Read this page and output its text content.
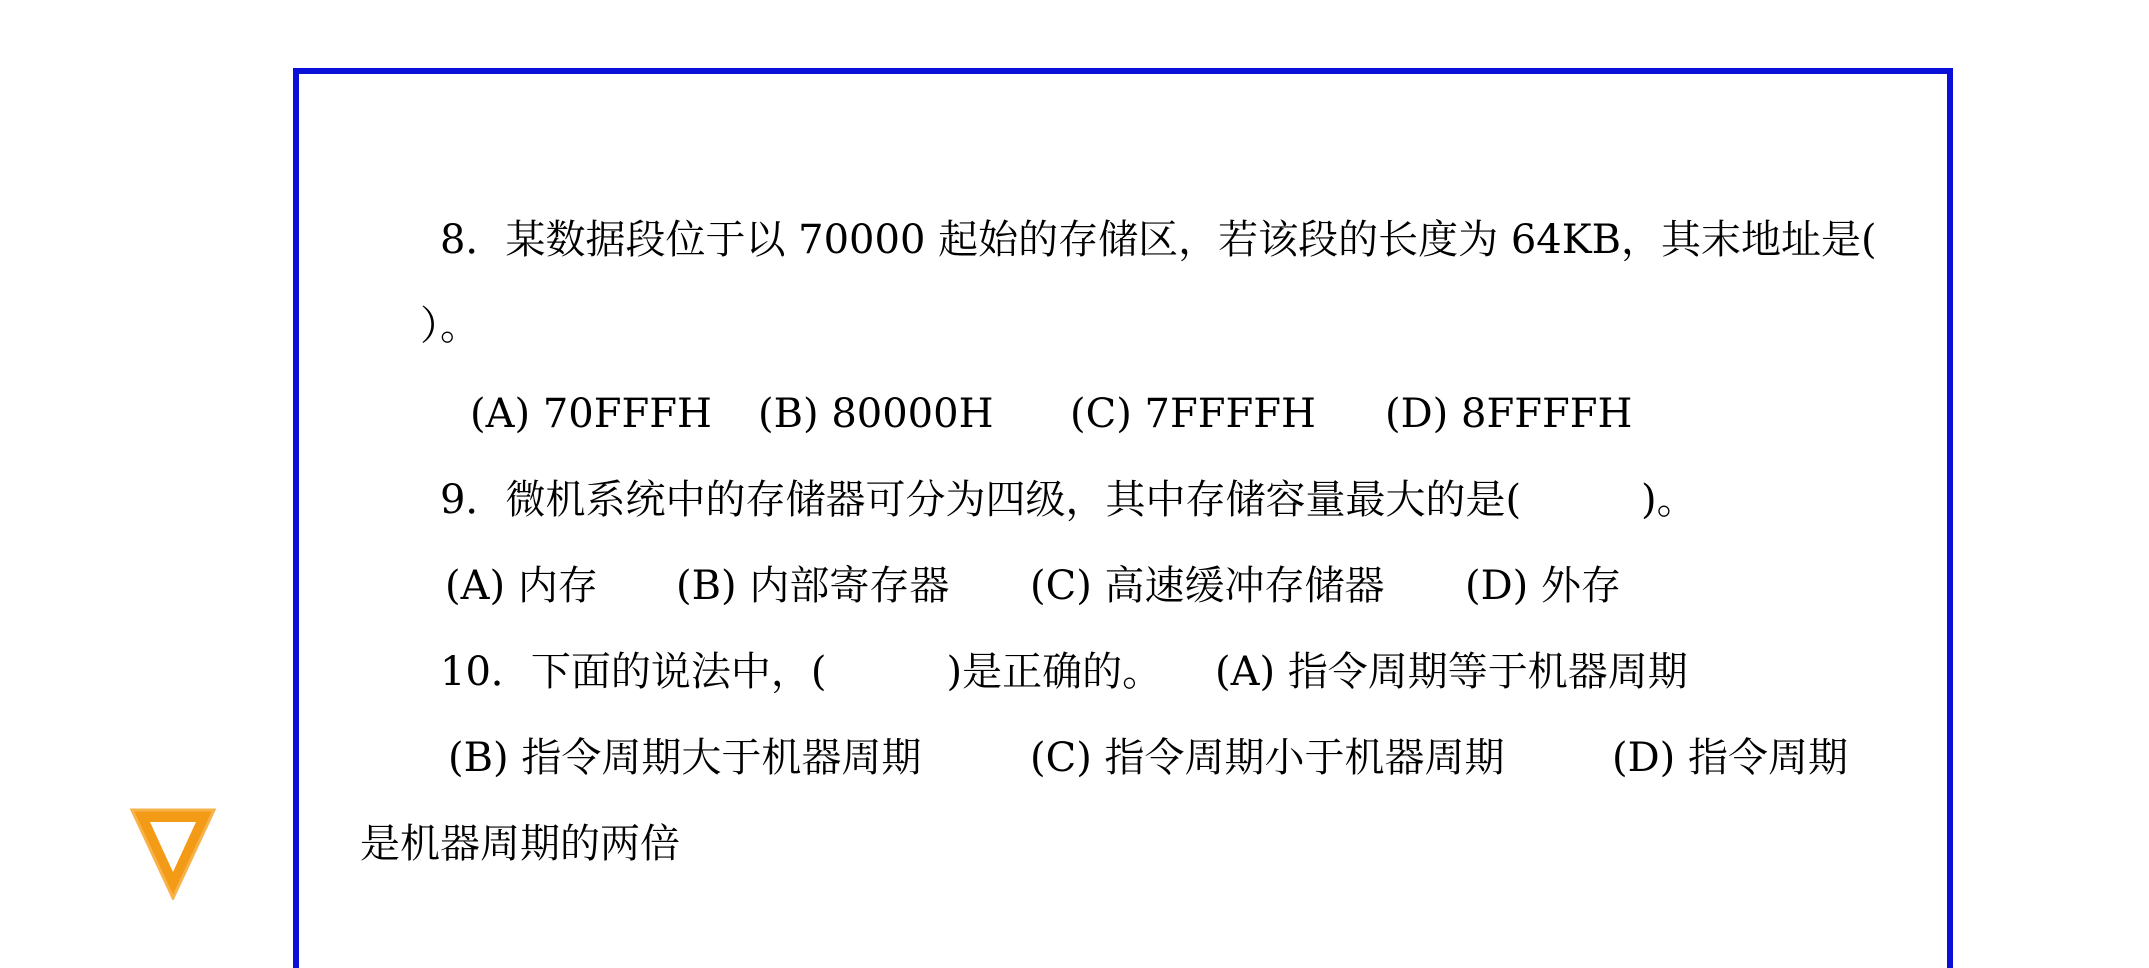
8．某数据段位于以 70000 起始的存储区，若该段的长度为 64KB，其末地址是(
）。
(A) 70FFFH (B) 80000H (C) 7FFFFH (D) 8FFFFH
9．微机系统中的存储器可分为四级，其中存储容量最大的是(　　　)。
(A) 内存 (B) 内部寄存器 (C) 高速缓冲存储器 (D) 外存
10．下面的说法中，(　　　)是正确的。 (A) 指令周期等于机器周期
(B) 指令周期大于机器周期	(C) 指令周期小于机器周期	(D) 指令周期
是机器周期的两倍
